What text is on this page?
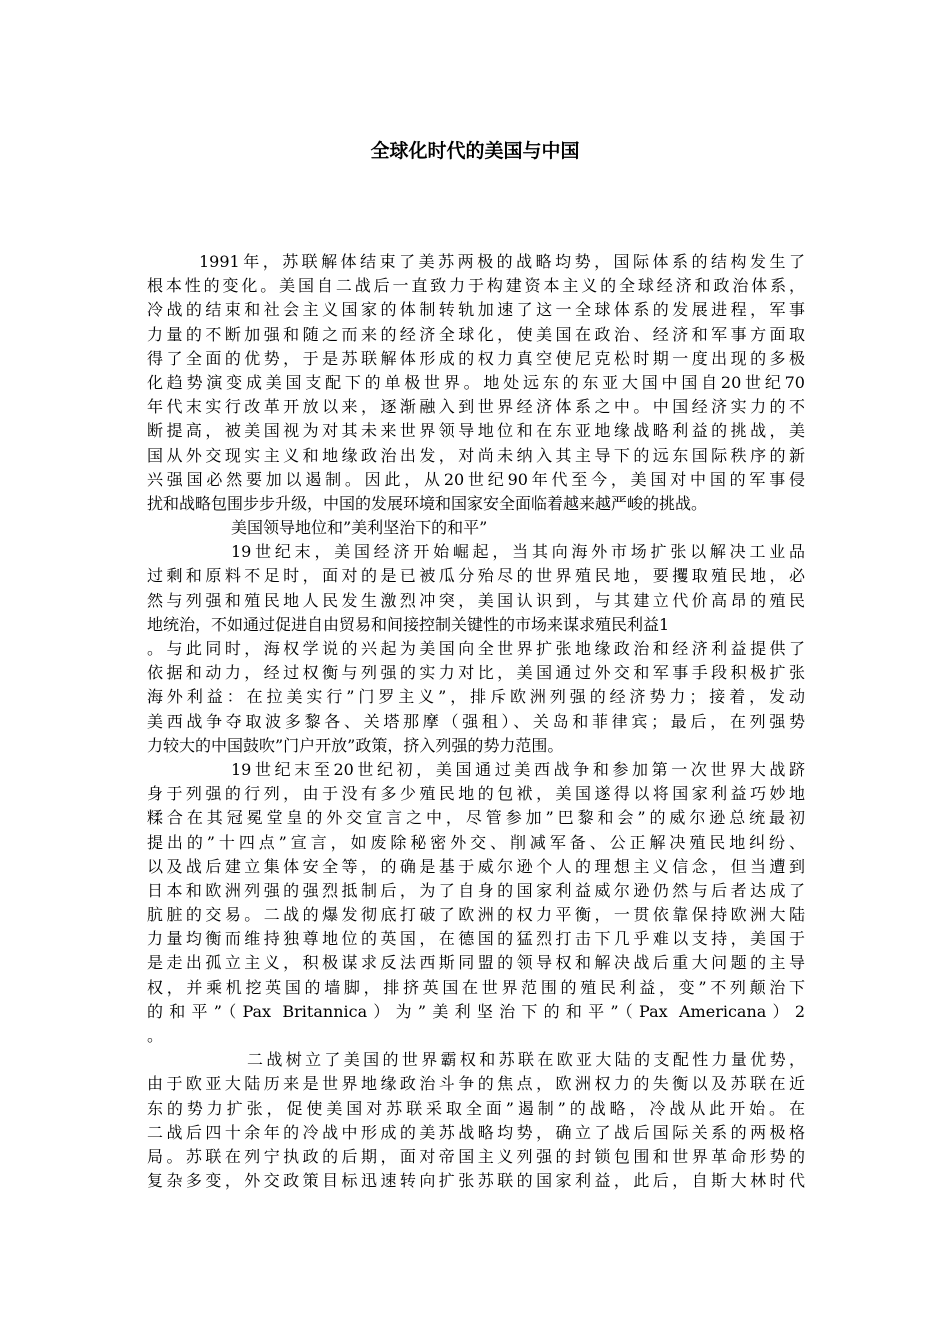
全球化时代的美国与中国
1991年，苏联解体结束了美苏两极的战略均势，国际体系的结构发生了
根本性的变化。美国自二战后一直致力于构建资本主义的全球经济和政治体系，
冷战的结束和社会主义国家的体制转轨加速了这一全球体系的发展进程，军事
力量的不断加强和随之而来的经济全球化，使美国在政治、经济和军事方面取
得了全面的优势，于是苏联解体形成的权力真空使尼克松时期一度出现的多极
化趋势演变成美国支配下的单极世界。地处远东的东亚大国中国自20世纪70
年代末实行改革开放以来，逐渐融入到世界经济体系之中。中国经济实力的不
断提高，被美国视为对其未来世界领导地位和在东亚地缘战略利益的挑战，美
国从外交现实主义和地缘政治出发，对尚未纳入其主导下的远东国际秩序的新
兴强国必然要加以遏制。因此，从20世纪90年代至今，美国对中国的军事侵
扰和战略包围步步升级，中国的发展环境和国家安全面临着越来越严峻的挑战。
美国领导地位和”美利坚治下的和平”
19世纪末，美国经济开始崛起，当其向海外市场扩张以解决工业品
过剩和原料不足时，面对的是已被瓜分殆尽的世界殖民地，要攫取殖民地，必
然与列强和殖民地人民发生激烈冲突，美国认识到，与其建立代价高昂的殖民
地统治，不如通过促进自由贸易和间接控制关键性的市场来谋求殖民利益1
。与此同时，海权学说的兴起为美国向全世界扩张地缘政治和经济利益提供了
依据和动力，经过权衡与列强的实力对比，美国通过外交和军事手段积极扩张
海外利益：在拉美实行”门罗主义”，排斥欧洲列强的经济势力；接着，发动
美西战争夺取波多黎各、关塔那摩（强租）、关岛和菲律宾；最后，在列强势
力较大的中国鼓吹”门户开放”政策，挤入列强的势力范围。
19世纪末至20世纪初，美国通过美西战争和参加第一次世界大战跻
身于列强的行列，由于没有多少殖民地的包袱，美国遂得以将国家利益巧妙地
糅合在其冠冕堂皇的外交宣言之中，尽管参加”巴黎和会”的威尔逊总统最初
提出的”十四点”宣言，如废除秘密外交、削减军备、公正解决殖民地纠纷、
以及战后建立集体安全等，的确是基于威尔逊个人的理想主义信念，但当遭到
日本和欧洲列强的强烈抵制后，为了自身的国家利益威尔逊仍然与后者达成了
肮脏的交易。二战的爆发彻底打破了欧洲的权力平衡，一贯依靠保持欧洲大陆
力量均衡而维持独尊地位的英国，在德国的猛烈打击下几乎难以支持，美国于
是走出孤立主义，积极谋求反法西斯同盟的领导权和解决战后重大问题的主导
权，并乘机挖英国的墙脚，排挤英国在世界范围的殖民利益，变”不列颠治下
的和平”（Pax Britannica）为”美利坚治下的和平”（Pax Americana）2
。
二战树立了美国的世界霸权和苏联在欧亚大陆的支配性力量优势，
由于欧亚大陆历来是世界地缘政治斗争的焦点，欧洲权力的失衡以及苏联在近
东的势力扩张，促使美国对苏联采取全面”遏制”的战略，冷战从此开始。在
二战后四十余年的冷战中形成的美苏战略均势，确立了战后国际关系的两极格
局。苏联在列宁执政的后期，面对帝国主义列强的封锁包围和世界革命形势的
复杂多变，外交政策目标迅速转向扩张苏联的国家利益，此后，自斯大林时代
